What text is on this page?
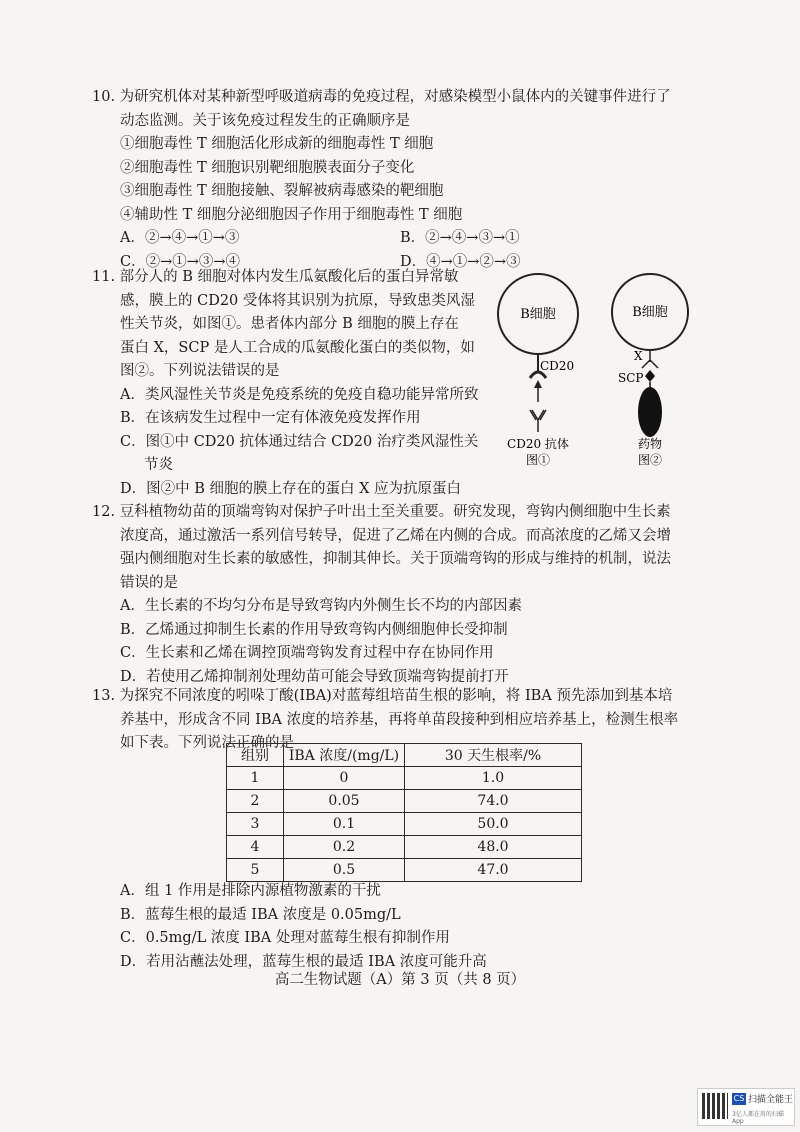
10. 为研究机体对某种新型呼吸道病毒的免疫过程，对感染模型小鼠体内的关键事件进行了
动态监测。关于该免疫过程发生的正确顺序是
①细胞毒性 T 细胞活化形成新的细胞毒性 T 细胞
②细胞毒性 T 细胞识别靶细胞膜表面分子变化
③细胞毒性 T 细胞接触、裂解被病毒感染的靶细胞
④辅助性 T 细胞分泌细胞因子作用于细胞毒性 T 细胞
A．②→④→①→③	B．②→④→③→①
C．②→①→③→④	D．④→①→②→③
11. 部分人的 B 细胞对体内发生瓜氨酸化后的蛋白异常敏
感，膜上的 CD20 受体将其识别为抗原，导致患类风湿
性关节炎，如图①。患者体内部分 B 细胞的膜上存在
蛋白 X，SCP 是人工合成的瓜氨酸化蛋白的类似物，如
图②。下列说法错误的是
A．类风湿性关节炎是免疫系统的免疫自稳功能异常所致
B．在该病发生过程中一定有体液免疫发挥作用
C．图①中 CD20 抗体通过结合 CD20 治疗类风湿性关
节炎
D．图②中 B 细胞的膜上存在的蛋白 X 应为抗原蛋白
B细胞
CD20
CD20 抗体
图①
B细胞
X
SCP
药物
图②
12. 豆科植物幼苗的顶端弯钩对保护子叶出土至关重要。研究发现，弯钩内侧细胞中生长素
浓度高，通过激活一系列信号转导，促进了乙烯在内侧的合成。而高浓度的乙烯又会增
强内侧细胞对生长素的敏感性，抑制其伸长。关于顶端弯钩的形成与维持的机制，说法
错误的是
A．生长素的不均匀分布是导致弯钩内外侧生长不均的内部因素
B．乙烯通过抑制生长素的作用导致弯钩内侧细胞伸长受抑制
C．生长素和乙烯在调控顶端弯钩发育过程中存在协同作用
D．若使用乙烯抑制剂处理幼苗可能会导致顶端弯钩提前打开
13. 为探究不同浓度的吲哚丁酸(IBA)对蓝莓组培苗生根的影响，将 IBA 预先添加到基本培
养基中，形成含不同 IBA 浓度的培养基，再将单苗段接种到相应培养基上，检测生根率
如下表。下列说法正确的是
组别	IBA 浓度/(mg/L)	30 天生根率/%
1	0	1.0
2	0.05	74.0
3	0.1	50.0
4	0.2	48.0
5	0.5	47.0
A．组 1 作用是排除内源植物激素的干扰
B．蓝莓生根的最适 IBA 浓度是 0.05mg/L
C．0.5mg/L 浓度 IBA 处理对蓝莓生根有抑制作用
D．若用沾蘸法处理，蓝莓生根的最适 IBA 浓度可能升高
高二生物试题（A）第 3 页（共 8 页）
CS 扫描全能王
3亿人都在用的扫描App
